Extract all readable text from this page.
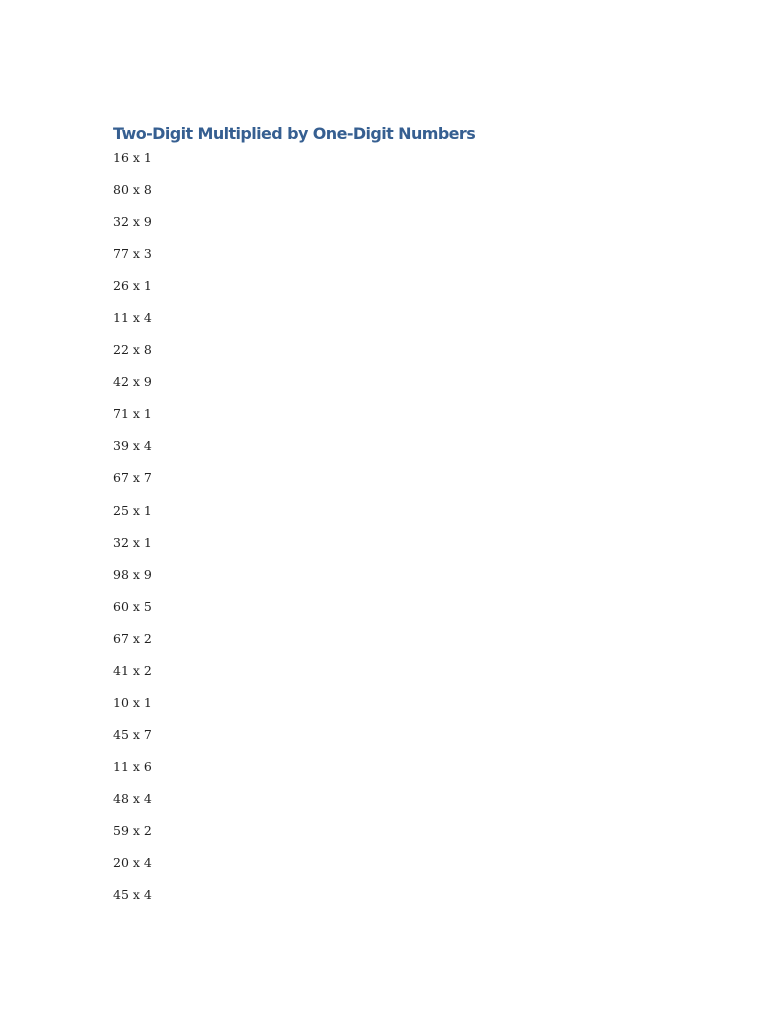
Two-Digit Multiplied by One-Digit Numbers
16 x 1
80 x 8
32 x 9
77 x 3
26 x 1
11 x 4
22 x 8
42 x 9
71 x 1
39 x 4
67 x 7
25 x 1
32 x 1
98 x 9
60 x 5
67 x 2
41 x 2
10 x 1
45 x 7
11 x 6
48 x 4
59 x 2
20 x 4
45 x 4
